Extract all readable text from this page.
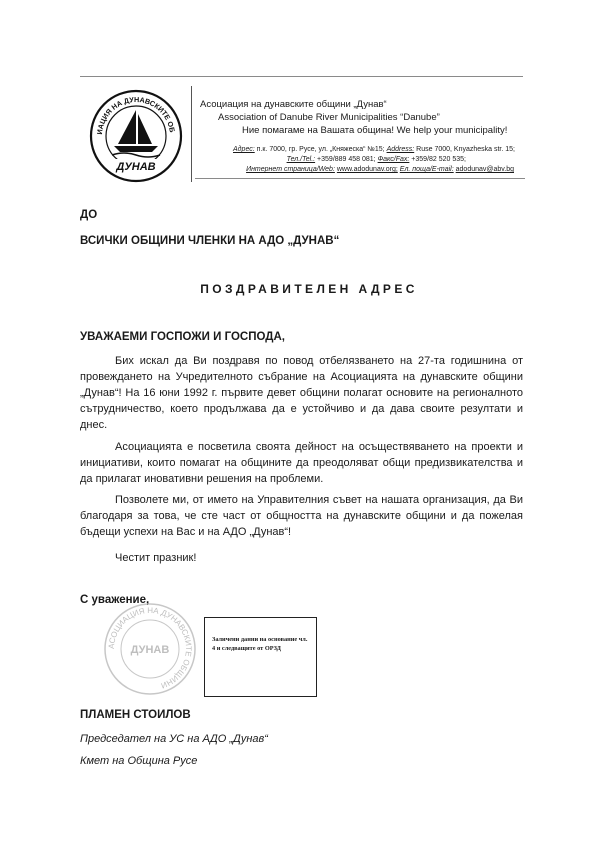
ИАЦИЯ НА ДУНАВСКИТЕ ОБ
ДУНАВ
Асоциация на дунавските общини „Дунав“
Association of Danube River Municipalities “Danube”
Ние помагаме на Вашата община! We help your municipality!
Адрес: п.к. 7000, гр. Русе, ул. „Княжеска“ №15; Address: Ruse 7000, Knyazheska str. 15;
Тел./Tel.: +359/889 458 081; Факс/Fax: +359/82 520 535;
Интернет страница/Web: www.adodunav.org; Ел. поща/E-mail: adodunav@abv.bg
ДО
ВСИЧКИ ОБЩИНИ ЧЛЕНКИ НА АДО „ДУНАВ“
ПОЗДРАВИТЕЛЕН АДРЕС
УВАЖАЕМИ ГОСПОЖИ И ГОСПОДА,
Бих искал да Ви поздравя по повод отбелязването на 27-та годишнина от провеждането на Учредителното събрание на Асоциацията на дунавските общини „Дунав“! На 16 юни 1992 г. първите девет общини полагат основите на регионалното сътрудничество, което продължава да е устойчиво и да дава своите резултати и днес.
Асоциацията е посветила своята дейност на осъществяването на проекти и инициативи, които помагат на общините да преодоляват общи предизвикателства и да прилагат иновативни решения на проблеми.
Позволете ми, от името на Управителния съвет на нашата организация, да Ви благодаря за това, че сте част от общността на дунавските общини и да пожелая бъдещи успехи на Вас и на АДО „Дунав“!
Честит празник!
С уважение,
АСОЦИАЦИЯ НА ДУНАВСКИТЕ ОБЩИНИ
ДУНАВ
Заличени данни на основание чл. 4 и следващите от ОРЗД
ПЛАМЕН СТОИЛОВ
Председател на УС на АДО „Дунав“
Кмет на Община Русе
